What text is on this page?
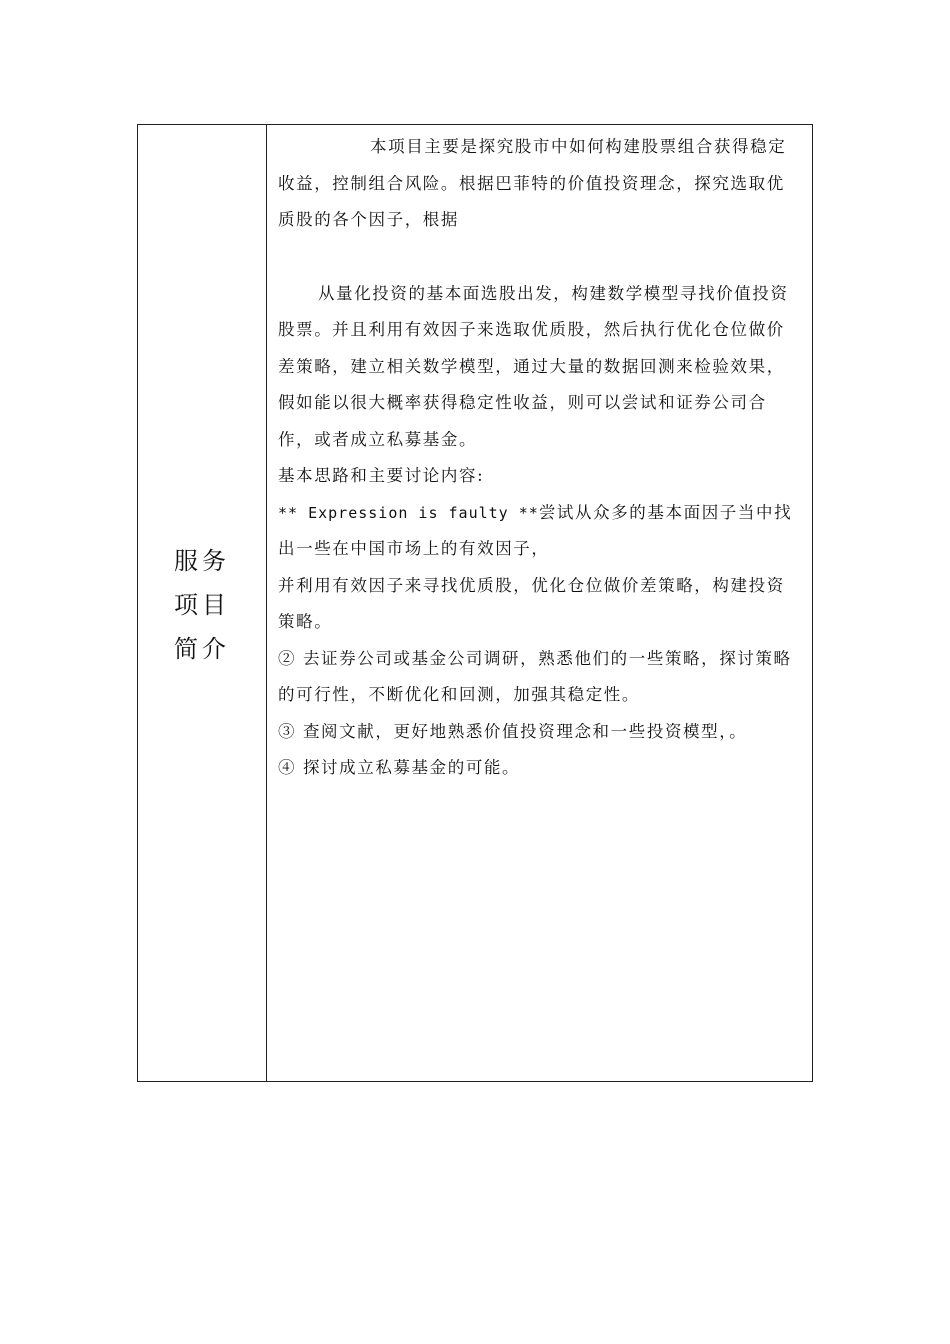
服务
项目
简介

本项目主要是探究股市中如何构建股票组合获得稳定收益，控制组合风险。根据巴菲特的价值投资理念，探究选取优质股的各个因子，根据

从量化投资的基本面选股出发，构建数学模型寻找价值投资股票。并且利用有效因子来选取优质股，然后执行优化仓位做价差策略，建立相关数学模型，通过大量的数据回测来检验效果，假如能以很大概率获得稳定性收益，则可以尝试和证券公司合作，或者成立私募基金。

基本思路和主要讨论内容:

** Expression is faulty **尝试从众多的基本面因子当中找出一些在中国市场上的有效因子，

并利用有效因子来寻找优质股，优化仓位做价差策略，构建投资策略。

② 去证券公司或基金公司调研，熟悉他们的一些策略，探讨策略的可行性，不断优化和回测，加强其稳定性。

③ 查阅文献，更好地熟悉价值投资理念和一些投资模型，。

④ 探讨成立私募基金的可能。
